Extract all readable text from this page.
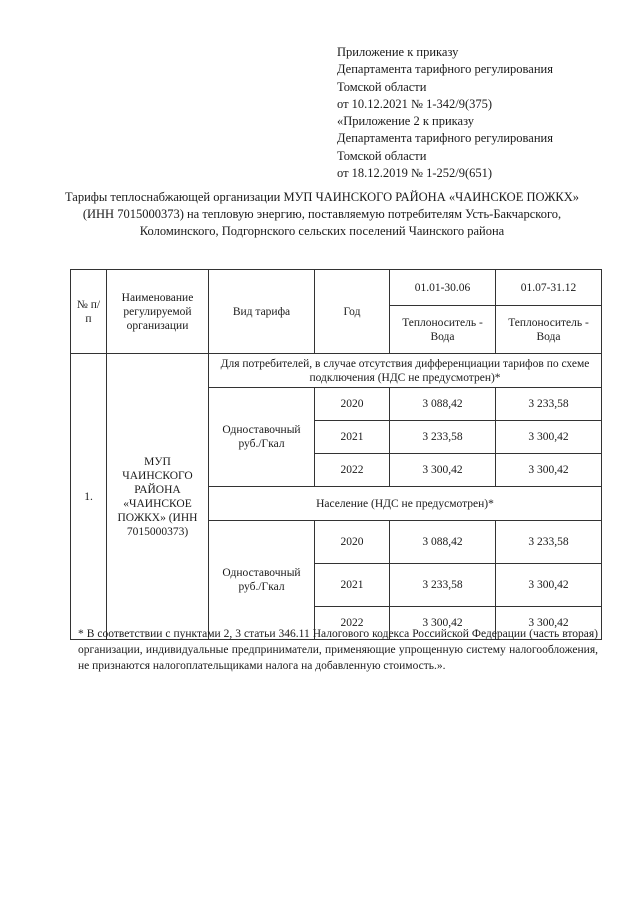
Приложение к приказу
Департамента тарифного регулирования
Томской области
от 10.12.2021 № 1-342/9(375)
«Приложение 2 к приказу
Департамента тарифного регулирования
Томской области
от 18.12.2019 № 1-252/9(651)
Тарифы теплоснабжающей организации МУП ЧАИНСКОГО РАЙОНА «ЧАИНСКОЕ ПОЖКХ» (ИНН 7015000373) на тепловую энергию, поставляемую потребителям Усть-Бакчарского, Коломинского, Подгорнского сельских поселений Чаинского района
№ п/п	Наименование регулируемой организации	Вид тарифа	Год	01.01-30.06	01.07-31.12
				Теплоноситель - Вода	Теплоноситель - Вода
1.	МУП ЧАИНСКОГО РАЙОНА «ЧАИНСКОЕ ПОЖКХ» (ИНН 7015000373)	Для потребителей, в случае отсутствия дифференциации тарифов по схеме подключения (НДС не предусмотрен)*			
		Одноставочный руб./Гкал	2020	3 088,42	3 233,58
			2021	3 233,58	3 300,42
			2022	3 300,42	3 300,42
		Население (НДС не предусмотрен)*			
		Одноставочный руб./Гкал	2020	3 088,42	3 233,58
			2021	3 233,58	3 300,42
			2022	3 300,42	3 300,42
* В соответствии с пунктами 2, 3 статьи 346.11 Налогового кодекса Российской Федерации (часть вторая) организации, индивидуальные предприниматели, применяющие упрощенную систему налогообложения, не признаются налогоплательщиками налога на добавленную стоимость.».
